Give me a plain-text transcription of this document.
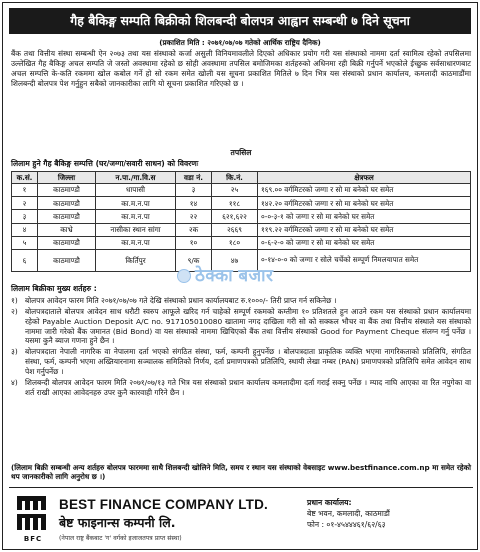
गैह बैकिङ्ग सम्पति बिक्रीको शिलबन्दी बोलपत्र आह्वान सम्बन्धी ७ दिने सूचना
(प्रकाशित मिति : २०७१/०७/०७ गतेको आर्थिक राष्ट्रिय दैनिक)
बैंक तथा वित्तीय संस्था सम्बन्धी ऐन २०७३ तथा यस संस्थाको कर्जा असुली विनियमावलीले दिएको अधिकार प्रयोग गरी यस संस्थाको नाममा दर्ता स्वामित्व रहेको तपसिलमा उल्लेखित गैह बैकिङ्ग अचल सम्पति जे जस्तो अवस्थामा रहेको छ सोही अवस्थामा तपसिल बमोजिमका शर्तहरुको अधिनमा रही बिक्री गर्नुपर्ने भएकोले ईच्छुक सर्वसाधारणबाट अचल सम्पत्ति के-कति रकममा खोल कबोल गर्ने हो सो रकम समेत खोली यस सूचना प्रकाशित मितिले ७ दिन भित्र यस संस्थाको प्रधान कार्यालय, कमलादी काठमाडौंमा शिलबन्दी बोलपत्र पेश गर्नुहुन सबैको जानकारीका लागि यो सूचना प्रकाशित गरिएको छ ।
तपसिल
लिलाम हुने गैह बैकिङ्ग सम्पत्ति (घर/जग्गा/सवारी साधन) को विवरणः
क.सं.	जिल्ला	न.पा./गा.वि.स	वडा नं.	कि.नं.	क्षेत्रफल
१	काठमाण्डौ	धापासी	३	२५	१६९.०० वर्गमिटरको जग्गा र सो मा बनेको घर समेत
२	काठमाण्डौ	का.म.न.पा	१४	११८	१४२.२० वर्गमिटरको जग्गा र सो मा बनेको घर समेत
३	काठमाण्डौ	का.म.न.पा	२२	६२१,६२२	०-०-३-१ को जग्गा र सो मा बनेको घर समेत
४	काभ्रे	नासीका स्थान सांगा	२क	२६६९	११९.२२ वर्गमिटरको जग्गा र सो मा बनेको घर समेत
५	काठमाण्डौ	का.म.न.पा	१०	१८०	०-६-२-० को जग्गा र सो मा बनेको घर समेत
६	काठमाण्डौ	किर्तिपुर	९/क	४७	०-१४-०-० को जग्गा र सोले चर्चेको सम्पूर्ण निमलयापात समेत
ठेक्का बजार
लिलाम बिक्रीका मुख्य शर्तहरु :
१) बोलपत्र आवेदन फारम मिति २०७१/०७/०७ गते देखि संस्थाको प्रधान कार्यालयबाट रु.१०००/- तिरी प्राप्त गर्न सकिनेछ ।
२) बोलपत्रदाताले बोलपत्र आवेदन साथ धरौटी स्वरुप आफूले खरिद गर्न चाहेको सम्पूर्ण रकमको कम्तीमा १० प्रतिशतले हुन आउने रकम यस संस्थाको प्रधान कार्यालयमा रहेको Payable Auction Deposit A/C no. 917105010080 खातामा नगद दाखिला गरी सो को सक्कल भौचर वा बैंक तथा वित्तीय संस्थाले यस संस्थाको नाममा जारी गरेको बैंक जमानत (Bid Bond) वा यस संस्थाको नाममा खिचिएको बैंक तथा वित्तीय संस्थाको Good for Payment Cheque संलग्न गर्नु पर्नेछ । यसमा कुनै ब्याज गणना हुने छैन ।
३) बोलपत्रदाता नेपाली नागरिक वा नेपालमा दर्ता भएको संगठित संस्था, फर्म, कम्पनी हुनुपर्नेछ । बोलपत्रदाता प्राकृतिक व्यक्ति भएमा नागरिकताको प्रतिलिपि, संगठित संस्था, फर्म, कम्पनी भएमा अख्तियारनामा सञ्चालक समितिको निर्णय, दर्ता प्रमाणपत्रको प्रतिलिपि, स्थायी लेखा नम्बर (PAN) प्रमाणपत्रको प्रतिलिपि समेत आवेदन साथ पेश गर्नुपर्नेछ ।
४) शिलबन्दी बोलपत्र आवेदन फारम मिति २०७१/०७/१३ गते भित्र यस संस्थाको प्रधान कार्यालय कमलादीमा दर्ता गराई सक्नु पर्नेछ । म्याद नाघि आएका वा रित नपुगेका वा शर्त राखी आएका आवेदनहरु उपर कुनै कारवाही गरिने छैन ।
(लिलाम बिक्री सम्बन्धी अन्य शर्तहरु बोलपत्र फारममा साथै शिलबन्दी खोलिने मिति, समय र स्थान यस संस्थाको वेबसाइट www.bestfinance.com.np मा समेत रहेको थप जानकारीको लागि अनुरोध छ ।)
BFC
BEST FINANCE COMPANY LTD.
बेष्ट फाइनान्स कम्पनी लि.
(नेपाल राष्ट्र बैंकबाट 'ग' वर्गको इजाजतपत्र प्राप्त संस्था)
प्रधान कार्यालय:
बेष्ट भवन, कमलादी, काठमाडौं
फोन : ०१-४५४४४६१/६२/६३
